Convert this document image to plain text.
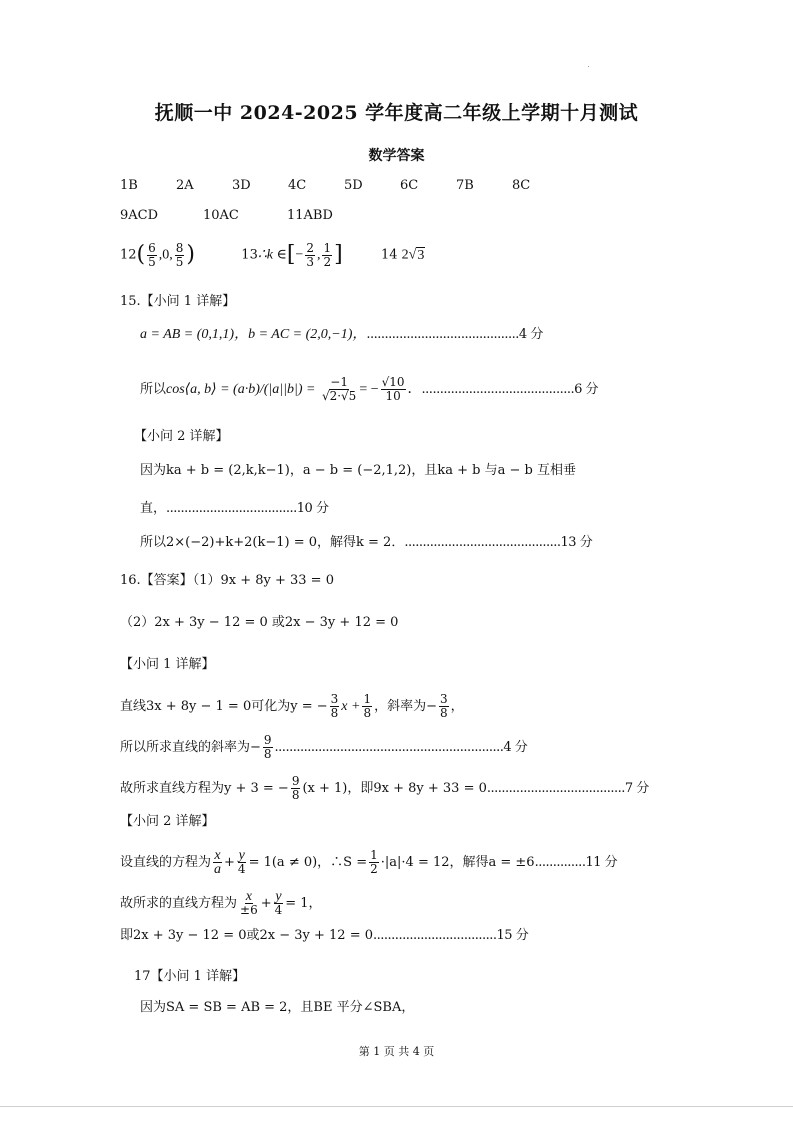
抚顺一中 2024-2025 学年度高二年级上学期十月测试
数学答案
1B	2A	3D	4C	5D	6C	7B	8C
9ACD	10AC	11ABD
$12( \frac{6}{5} ,0$, $\frac{8}{5}$ )	13∴k ∈[− $\frac{2}{3}$ , $\frac{1}{2}$ ]	14 2√3
15.【小问 1 详解】
a = AB = (0,1,1)，b = AC = (2,0,−1)，..........................................4 分
所以cos⟨a, b⟩ = $(a\cdot b)/(|a||b|) = \frac{-1}{√2\cdot√5}$ = − $\frac{√10}{10}$ ．..........................................6 分
【小问 2 详解】
因为ka + b = (2,k,k−1)，a − b = (−2,1,2)，且ka + b 与a − b 互相垂
直，....................................10 分
所以2×(−2)+k+2(k−1) = 0，解得k = 2．...........................................13 分
16.【答案】（1）9x + 8y + 33 = 0
（2）2x + 3y − 12 = 0 或2x − 3y + 12 = 0
【小问 1 详解】
直线3x + 8y − 1 = 0可化为y = − $\frac{3}{8}$ $x + \frac{1}{8}$ ，斜率为− $\frac{3}{8}$ ，
所以所求直线的斜率为− $\frac{9}{8} ...............................................................4$ 分
故所求直线方程为y + 3 = − $\frac{9}{8} (x + 1)$，即9x + 8y + 33 = 0......................................7 分
【小问 2 详解】
设直线的方程为 $\frac{x}{a} + \frac{y}{4} = 1(a \ne 0)$，∴S = $\frac{1}{2} \cdot|a|\cdot 4 = 12$，解得a = ±6..............11 分
故所求的直线方程为 $\frac{x}{\pm 6} + \frac{y}{4} = 1$，
即2x + 3y − 12 = 0或2x − 3y + 12 = 0..................................15 分
17【小问 1 详解】
因为SA = SB = AB = 2，且BE 平分∠SBA，
第 1 页 共 4 页
